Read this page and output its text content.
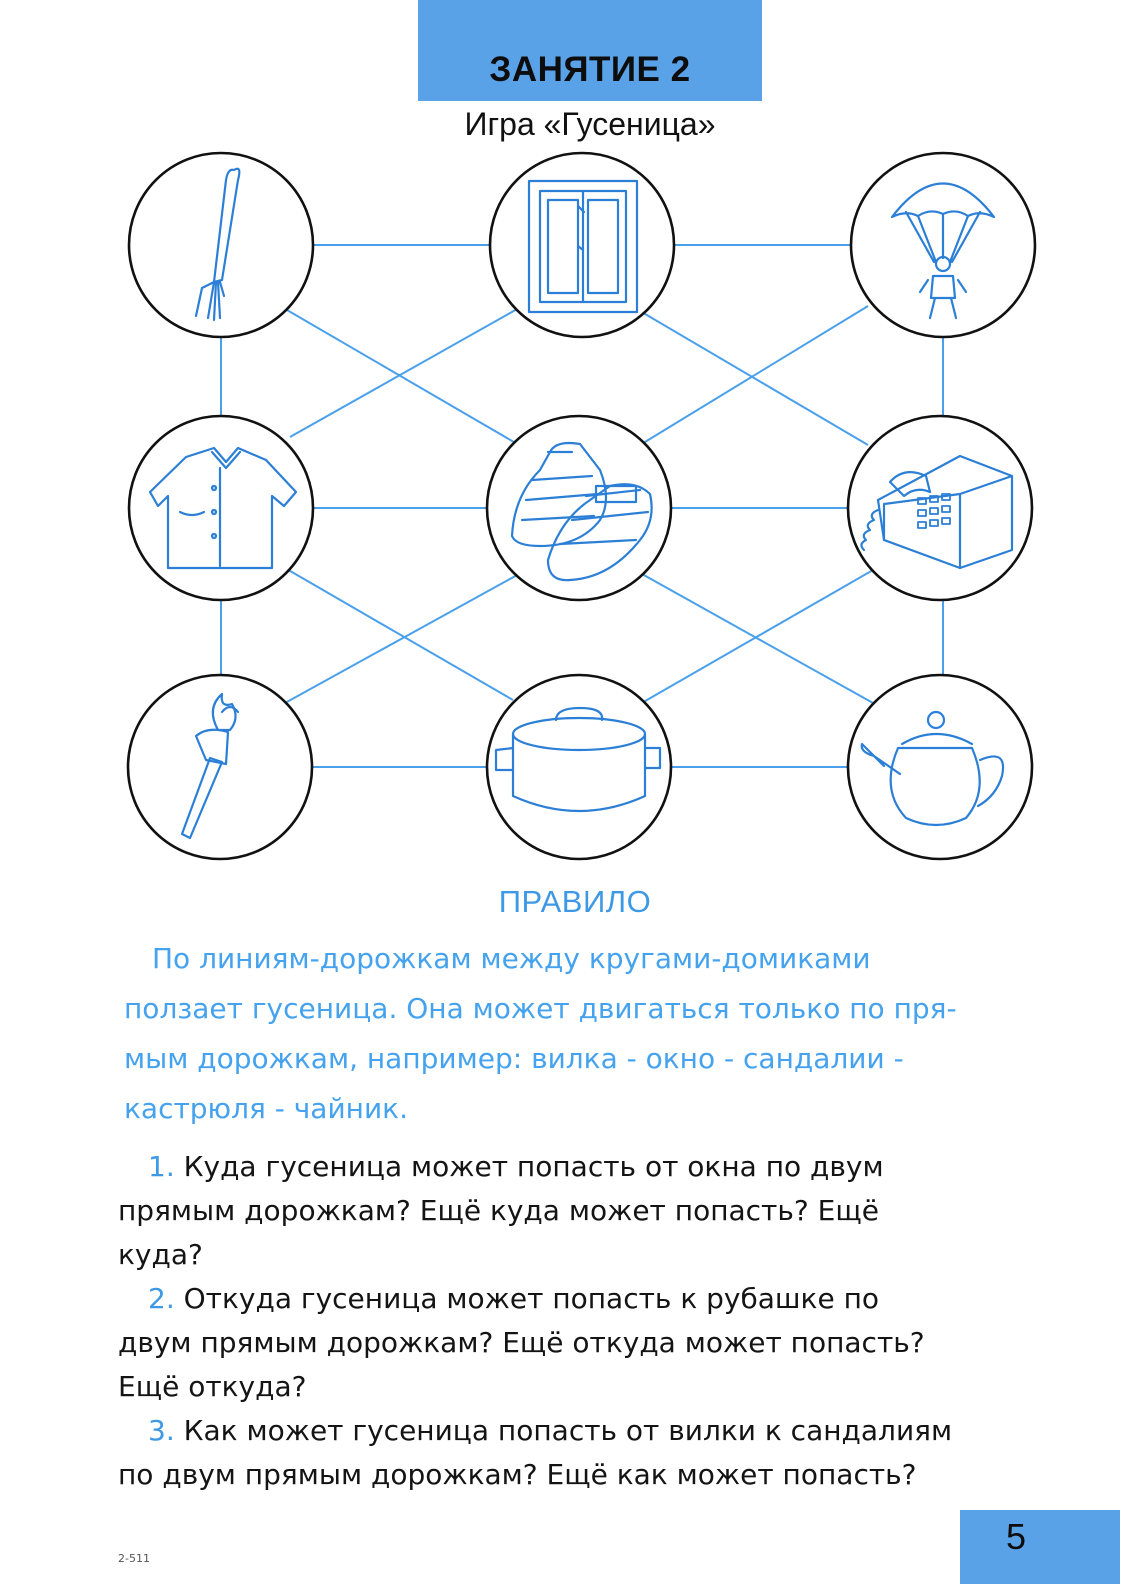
ЗАНЯТИЕ 2
Игра «Гусеница»
ПРАВИЛО
По линиям-дорожкам между кругами-домиками
ползает гусеница. Она может двигаться только по пря-
мым дорожкам, например: вилка - окно - сандалии -
кастрюля - чайник.
1. Куда гусеница может попасть от окна по двум
прямым дорожкам? Ещё куда может попасть? Ещё
куда?
2. Откуда гусеница может попасть к рубашке по
двум прямым дорожкам? Ещё откуда может попасть?
Ещё откуда?
3. Как может гусеница попасть от вилки к сандалиям
по двум прямым дорожкам? Ещё как может попасть?
2-511
5
